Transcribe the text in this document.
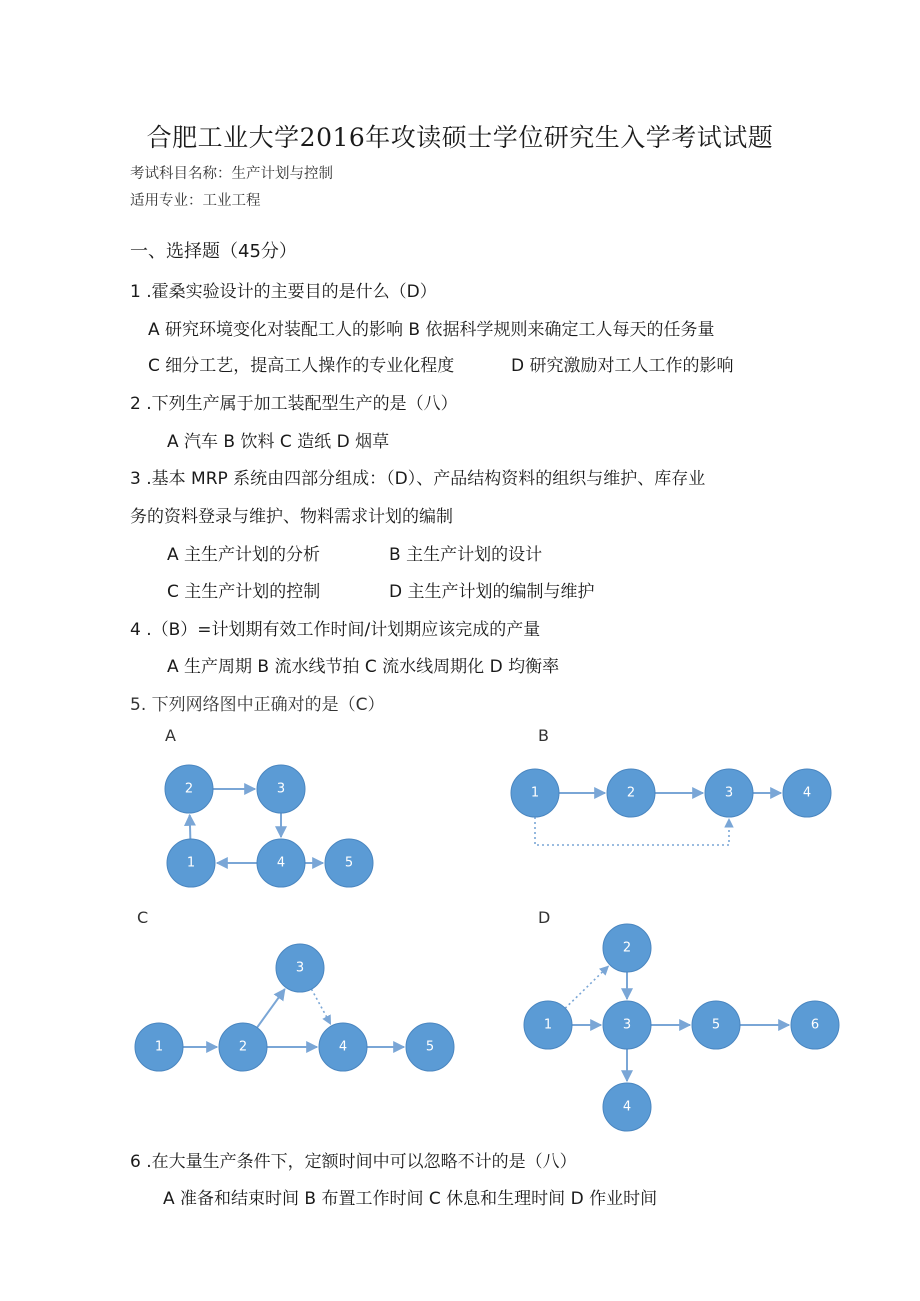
合肥工业大学2016年攻读硕士学位研究生入学考试试题
考试科目名称：生产计划与控制
适用专业：工业工程
一、选择题（45分）
1 .霍桑实验设计的主要目的是什么（D）
A 研究环境变化对装配工人的影响 B 依据科学规则来确定工人每天的任务量
C 细分工艺，提高工人操作的专业化程度	D 研究激励对工人工作的影响
2 .下列生产属于加工装配型生产的是（八）
A 汽车 B 饮料 C 造纸 D 烟草
3 .基本 MRP 系统由四部分组成：（D）、产品结构资料的组织与维护、库存业
务的资料登录与维护、物料需求计划的编制
A 主生产计划的分析	B 主生产计划的设计
C 主生产计划的控制	D 主生产计划的编制与维护
4 .（B）=计划期有效工作时间/计划期应该完成的产量
A 生产周期 B 流水线节拍 C 流水线周期化 D 均衡率
5. 下列网络图中正确对的是（C）
A	B
C	D
1
2	3
4	5
1	2	3	4
1	2
3
4	5
1
2
3
4
5	6
6 .在大量生产条件下，定额时间中可以忽略不计的是（八）
A 准备和结束时间 B 布置工作时间 C 休息和生理时间 D 作业时间
